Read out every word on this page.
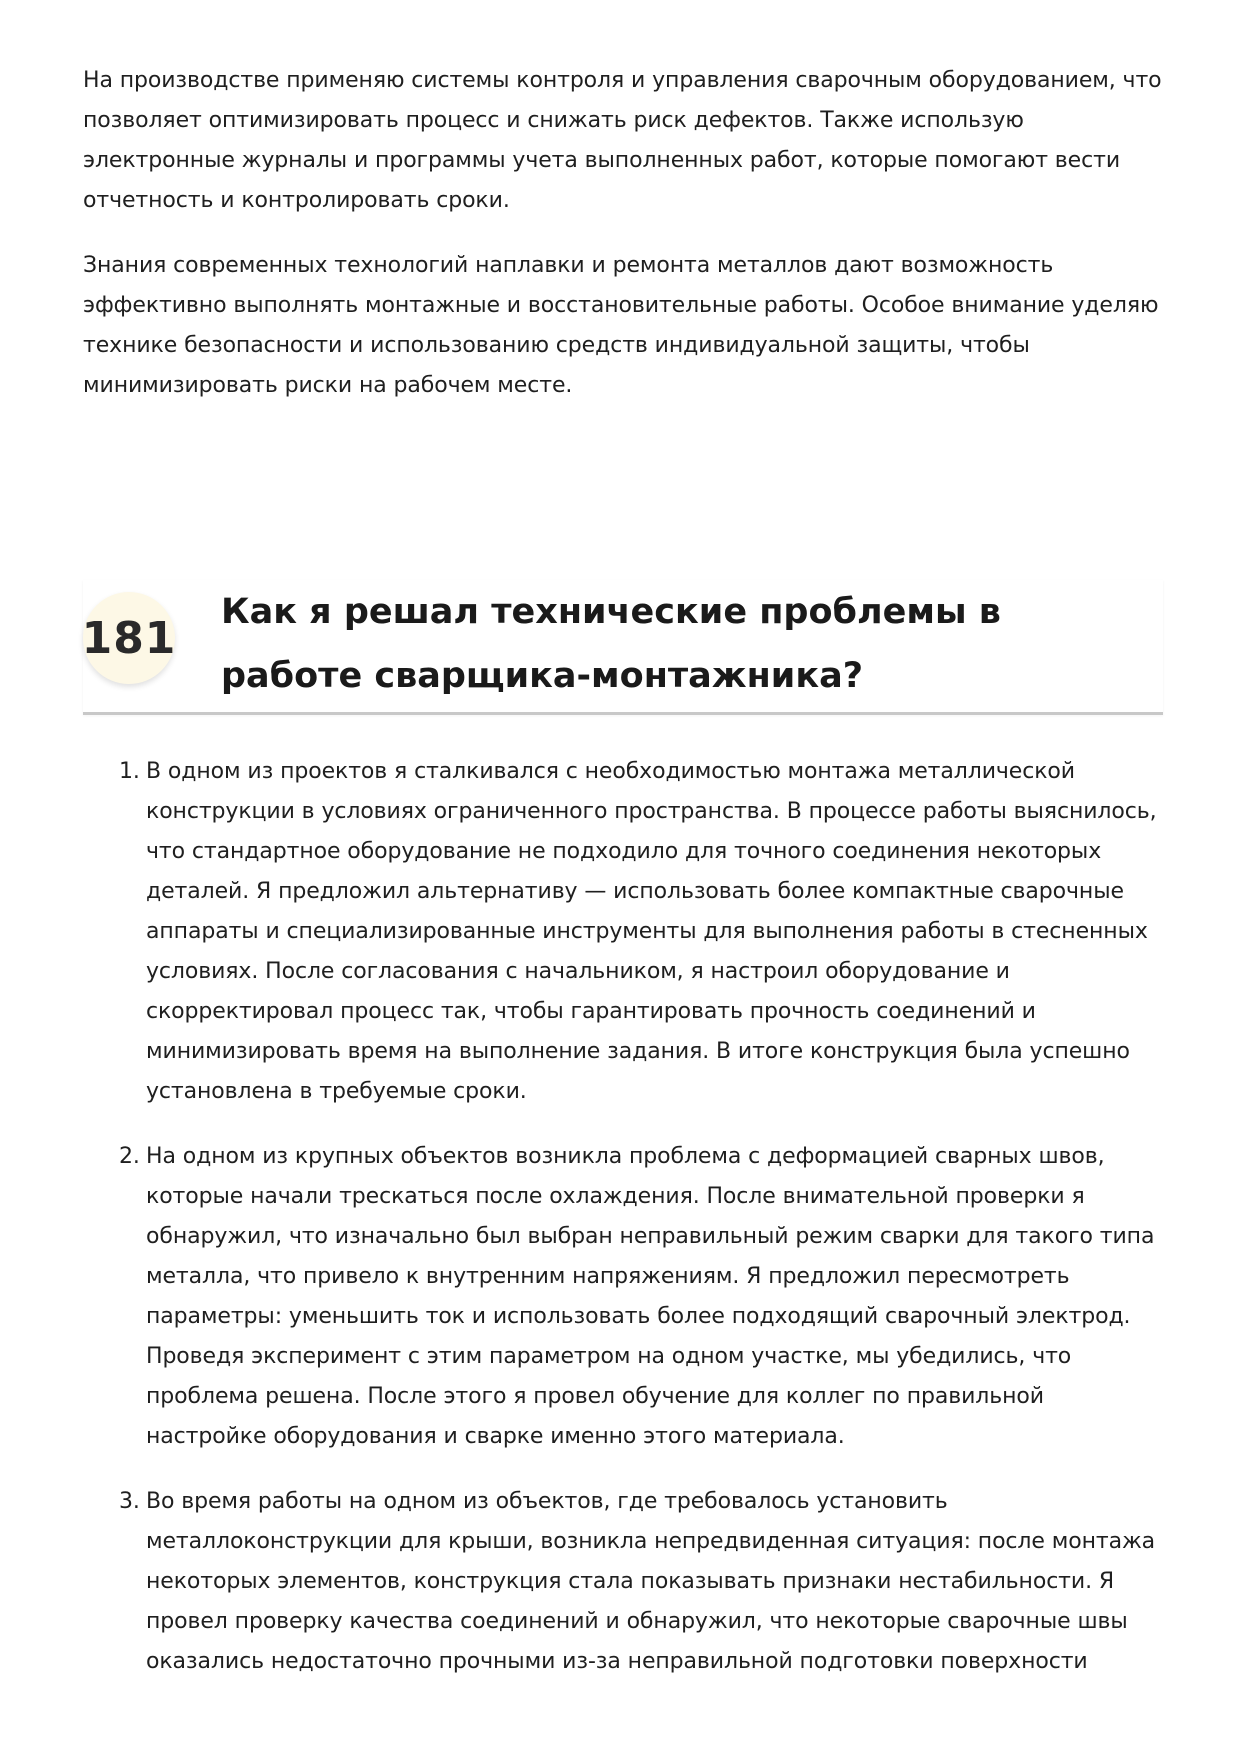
На производстве применяю системы контроля и управления сварочным оборудованием, что позволяет оптимизировать процесс и снижать риск дефектов. Также использую электронные журналы и программы учета выполненных работ, которые помогают вести отчетность и контролировать сроки.

Знания современных технологий наплавки и ремонта металлов дают возможность эффективно выполнять монтажные и восстановительные работы. Особое внимание уделяю технике безопасности и использованию средств индивидуальной защиты, чтобы минимизировать риски на рабочем месте.

181
Как я решал технические проблемы в работе сварщика-монтажника?
1. В одном из проектов я сталкивался с необходимостью монтажа металлической конструкции в условиях ограниченного пространства. В процессе работы выяснилось, что стандартное оборудование не подходило для точного соединения некоторых деталей. Я предложил альтернативу — использовать более компактные сварочные аппараты и специализированные инструменты для выполнения работы в стесненных условиях. После согласования с начальником, я настроил оборудование и скорректировал процесс так, чтобы гарантировать прочность соединений и минимизировать время на выполнение задания. В итоге конструкция была успешно установлена в требуемые сроки.
2. На одном из крупных объектов возникла проблема с деформацией сварных швов, которые начали трескаться после охлаждения. После внимательной проверки я обнаружил, что изначально был выбран неправильный режим сварки для такого типа металла, что привело к внутренним напряжениям. Я предложил пересмотреть параметры: уменьшить ток и использовать более подходящий сварочный электрод. Проведя эксперимент с этим параметром на одном участке, мы убедились, что проблема решена. После этого я провел обучение для коллег по правильной настройке оборудования и сварке именно этого материала.
3. Во время работы на одном из объектов, где требовалось установить металлоконструкции для крыши, возникла непредвиденная ситуация: после монтажа некоторых элементов, конструкция стала показывать признаки нестабильности. Я провел проверку качества соединений и обнаружил, что некоторые сварочные швы оказались недостаточно прочными из-за неправильной подготовки поверхности
